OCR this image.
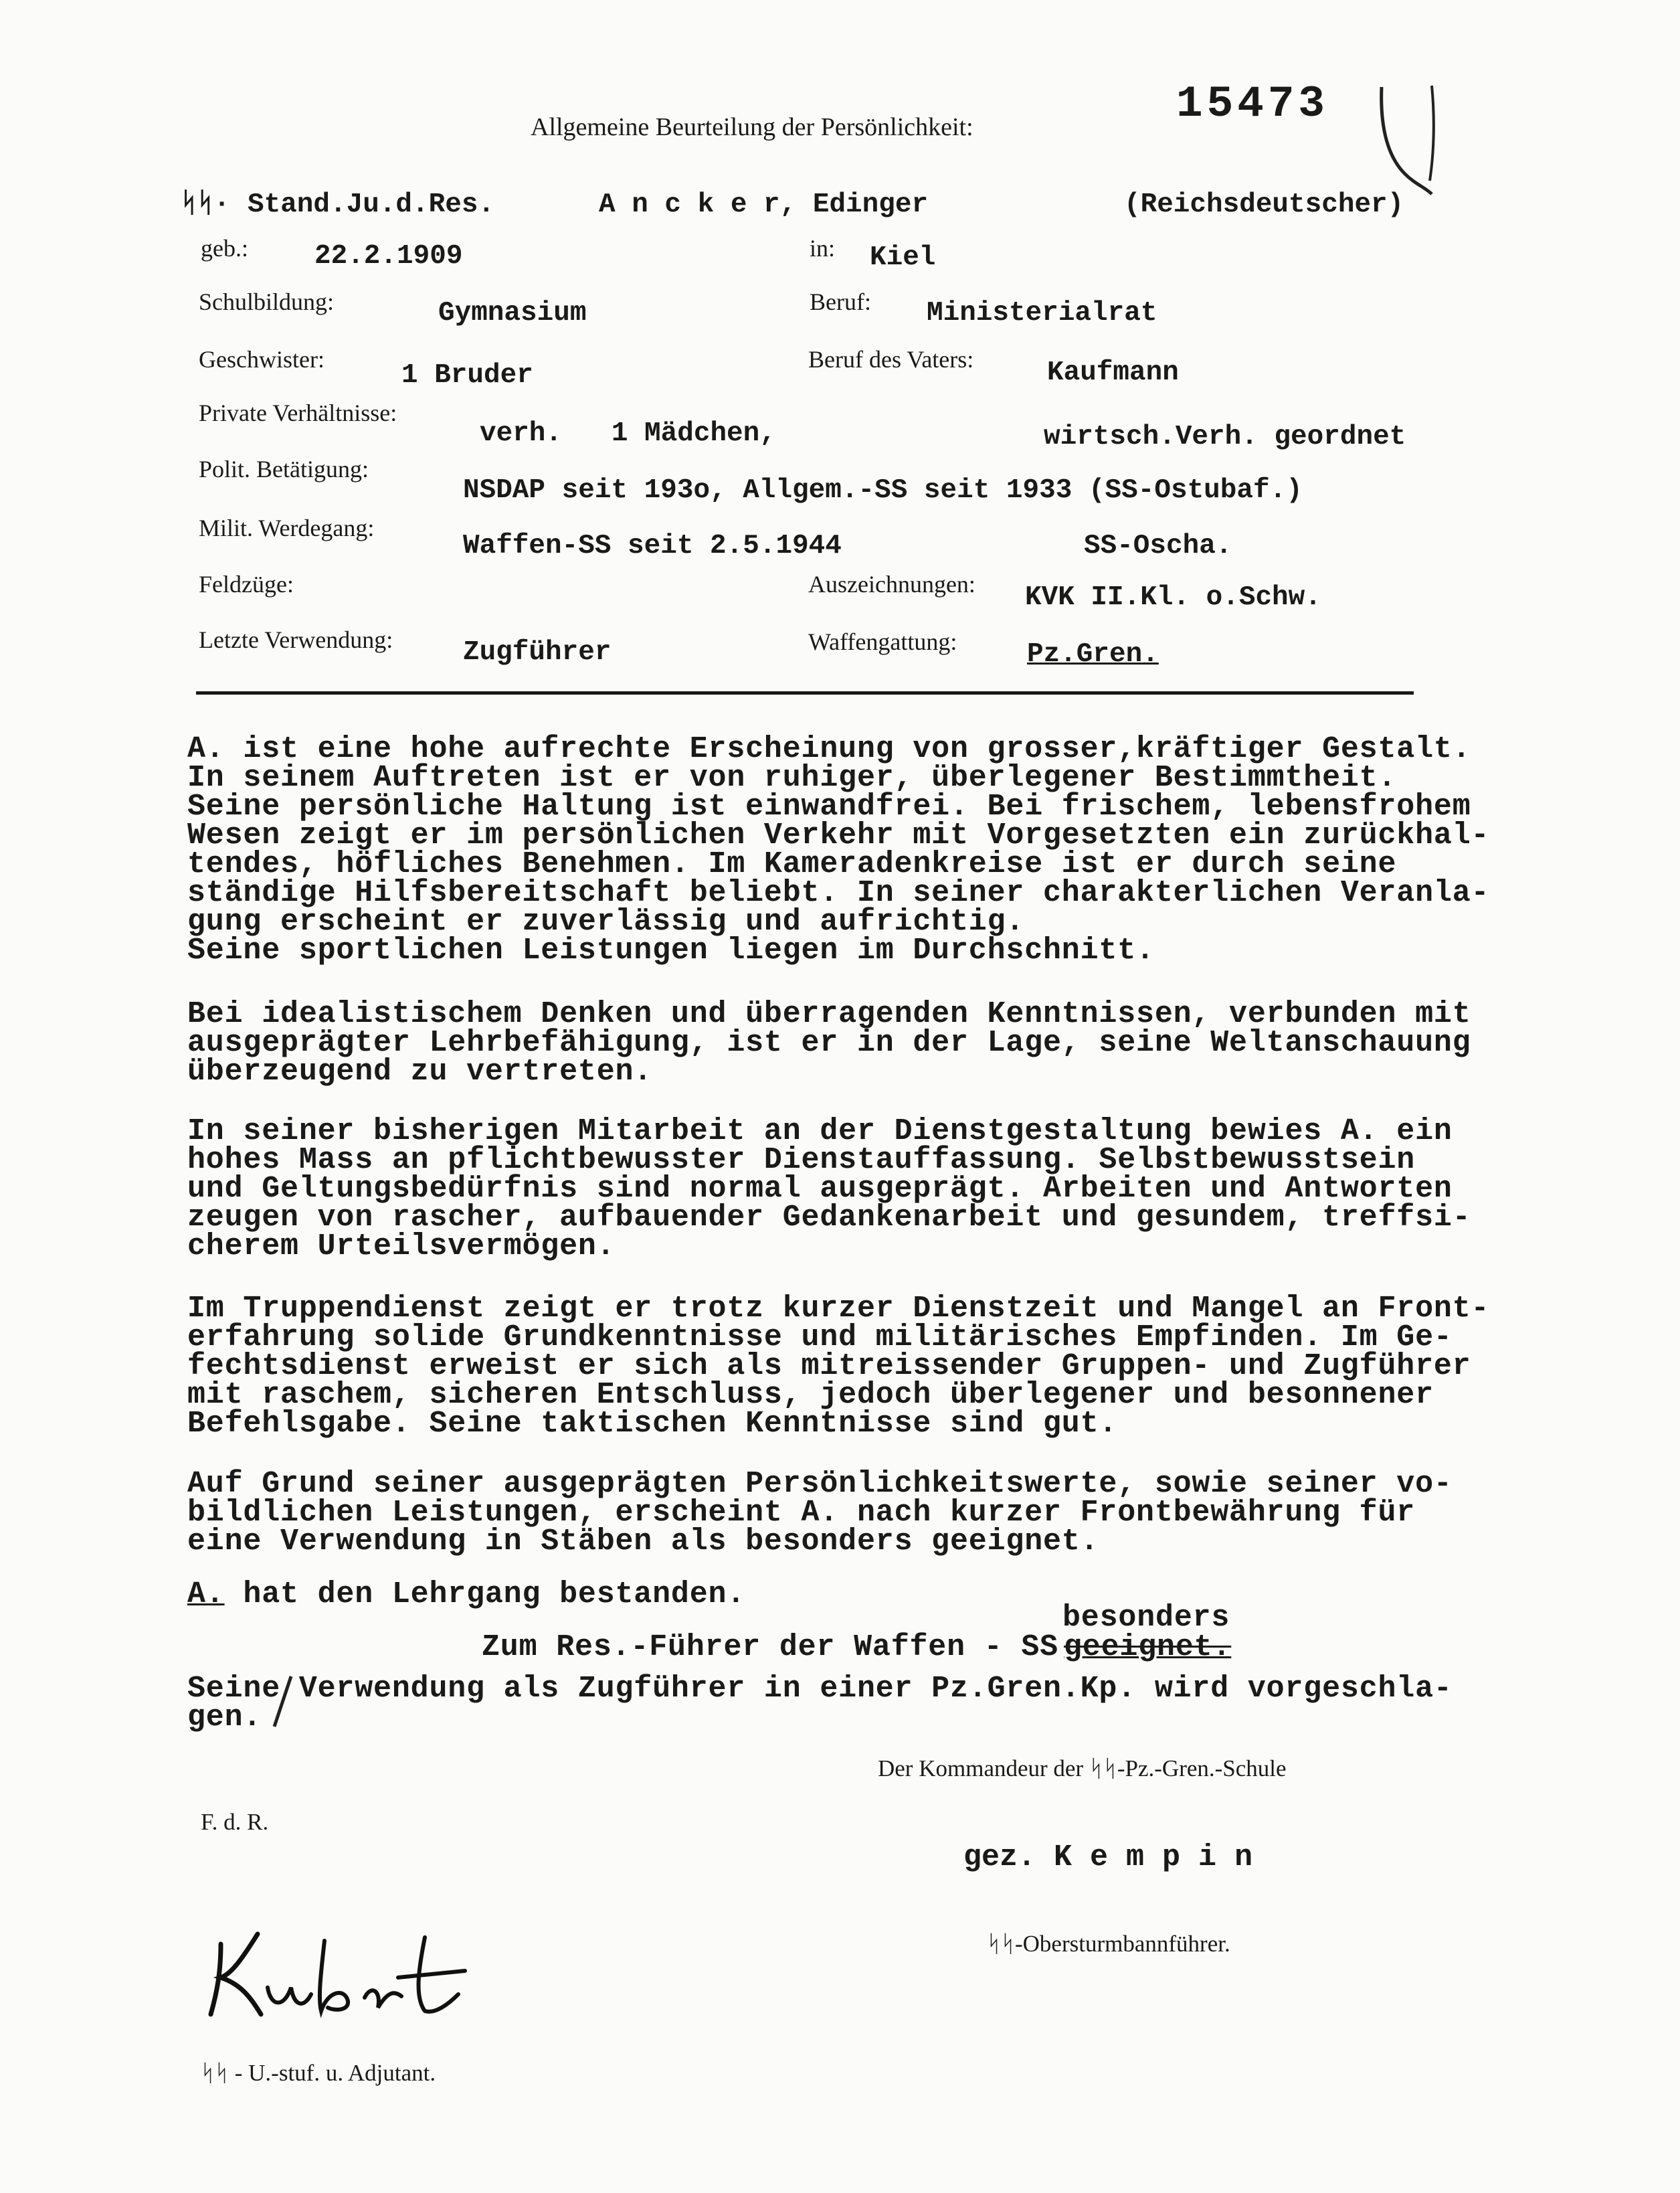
Allgemeine Beurteilung der Persönlichkeit:	15473
ᛋᛋ· Stand.Ju.d.Res.	A n c k e r, Edinger	(Reichsdeutscher)
geb.: 22.2.1909	in: Kiel
Schulbildung:	Gymnasium	Beruf: Ministerialrat
Geschwister:
1 Bruder
Beruf des Vaters:	Kaufmann
Private Verhältnisse:
verh.   1 Mädchen,	wirtsch.Verh. geordnet
Polit. Betätigung:
NSDAP seit 193o, Allgem.-SS seit 1933 (SS-Ostubaf.)
Milit. Werdegang:
Waffen-SS seit 2.5.1944	SS-Oscha.
Feldzüge:	Auszeichnungen: KVK II.Kl. o.Schw.
Letzte Verwendung:	Zugführer	Waffengattung:	Pz.Gren.
A. ist eine hohe aufrechte Erscheinung von grosser,kräftiger Gestalt.
In seinem Auftreten ist er von ruhiger, überlegener Bestimmtheit.
Seine persönliche Haltung ist einwandfrei. Bei frischem, lebensfrohem
Wesen zeigt er im persönlichen Verkehr mit Vorgesetzten ein zurückhal-
tendes, höfliches Benehmen. Im Kameradenkreise ist er durch seine
ständige Hilfsbereitschaft beliebt. In seiner charakterlichen Veranla-
gung erscheint er zuverlässig und aufrichtig.
Seine sportlichen Leistungen liegen im Durchschnitt.
Bei idealistischem Denken und überragenden Kenntnissen, verbunden mit
ausgeprägter Lehrbefähigung, ist er in der Lage, seine Weltanschauung
überzeugend zu vertreten.
In seiner bisherigen Mitarbeit an der Dienstgestaltung bewies A. ein
hohes Mass an pflichtbewusster Dienstauffassung. Selbstbewusstsein
und Geltungsbedürfnis sind normal ausgeprägt. Arbeiten und Antworten
zeugen von rascher, aufbauender Gedankenarbeit und gesundem, treffsi-
cherem Urteilsvermögen.
Im Truppendienst zeigt er trotz kurzer Dienstzeit und Mangel an Front-
erfahrung solide Grundkenntnisse und militärisches Empfinden. Im Ge-
fechtsdienst erweist er sich als mitreissender Gruppen- und Zugführer
mit raschem, sicheren Entschluss, jedoch überlegener und besonnener
Befehlsgabe. Seine taktischen Kenntnisse sind gut.
Auf Grund seiner ausgeprägten Persönlichkeitswerte, sowie seiner vo-
bildlichen Leistungen, erscheint A. nach kurzer Frontbewährung für
eine Verwendung in Stäben als besonders geeignet.
A. hat den Lehrgang bestanden.
besonders
Zum Res.-Führer der Waffen - SS geeignet.
Seine Verwendung als Zugführer in einer Pz.Gren.Kp. wird vorgeschla-
gen.
Der Kommandeur der ᛋᛋ-Pz.-Gren.-Schule
F. d. R.
gez. K e m p i n
ᛋᛋ-Obersturmbannführer.
Kübert
ᛋᛋ - U.-stuf. u. Adjutant.
